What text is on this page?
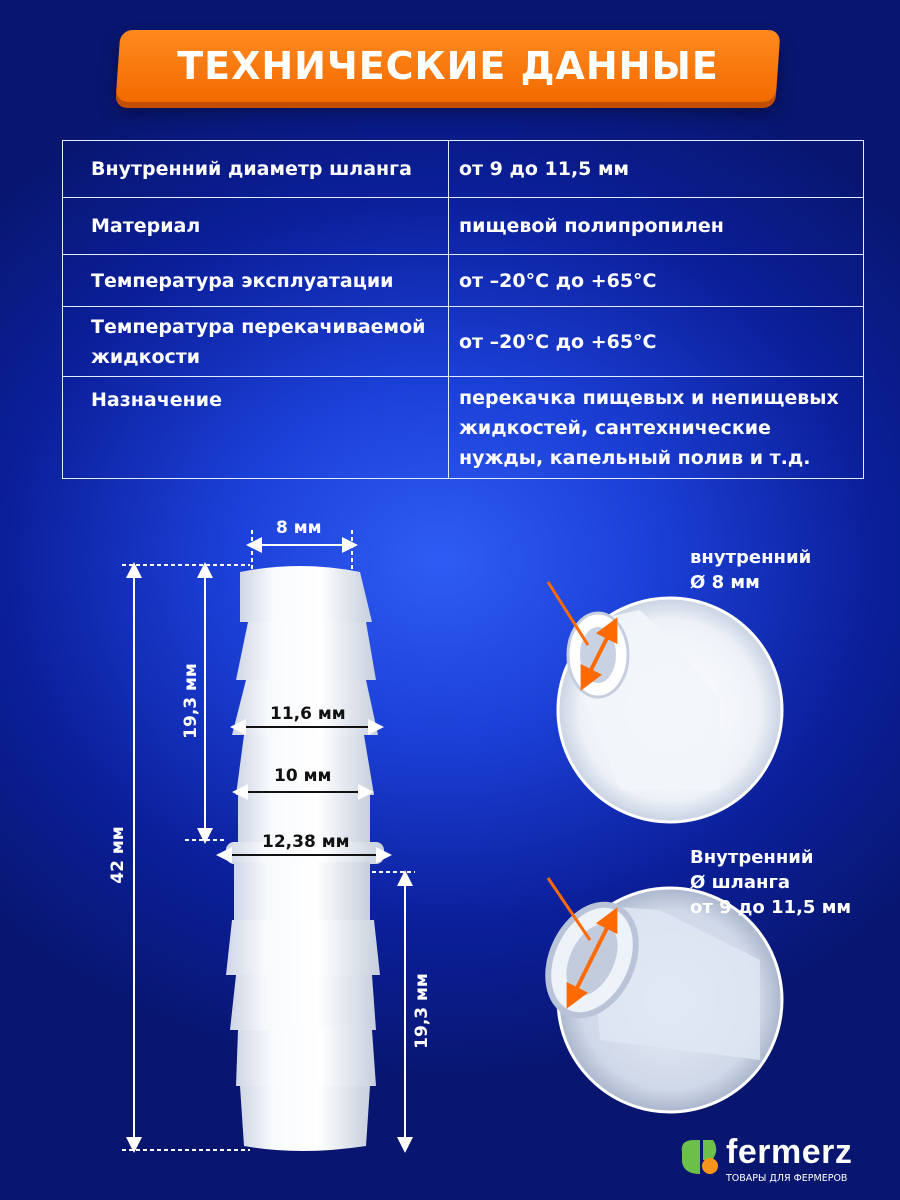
ТЕХНИЧЕСКИЕ ДАННЫЕ
Внутренний диаметр шланга	от 9 до 11,5 мм
Материал	пищевой полипропилен
Температура эксплуатации	от –20°C до +65°C
Температура перекачиваемой жидкости	от –20°C до +65°C
Назначение	перекачка пищевых и непищевых жидкостей, сантехнические нужды, капельный полив и т.д.
8 мм
19,3 мм	11,6 мм
10 мм
12,38 мм
42 мм
19,3 мм
внутренний
Ø 8 мм
Внутренний
Ø шланга
от 9 до 11,5 мм
fermerz
ТОВАРЫ ДЛЯ ФЕРМЕРОВ
